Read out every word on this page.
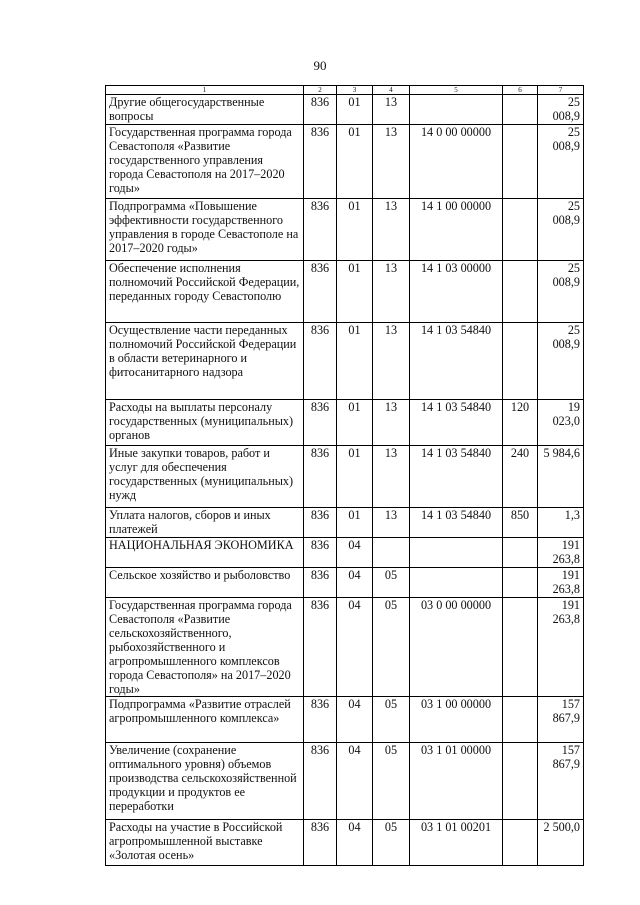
90
1	2	3	4	5	6	7
Другие общегосударственные вопросы	836	01	13			25 008,9
Государственная программа города Севастополя «Развитие государственного управления города Севастополя на 2017–2020 годы»	836	01	13	14 0 00 00000		25 008,9
Подпрограмма «Повышение эффективности государственного управления в городе Севастополе на 2017–2020 годы»	836	01	13	14 1 00 00000		25 008,9
Обеспечение исполнения полномочий Российской Федерации, переданных городу Севастополю	836	01	13	14 1 03 00000		25 008,9
Осуществление части переданных полномочий Российской Федерации в области ветеринарного и фитосанитарного надзора	836	01	13	14 1 03 54840		25 008,9
Расходы на выплаты персоналу государственных (муниципальных) органов	836	01	13	14 1 03 54840	120	19 023,0
Иные закупки товаров, работ и услуг для обеспечения государственных (муниципальных) нужд	836	01	13	14 1 03 54840	240	5 984,6
Уплата налогов, сборов и иных платежей	836	01	13	14 1 03 54840	850	1,3
НАЦИОНАЛЬНАЯ ЭКОНОМИКА	836	04				191 263,8
Сельское хозяйство и рыболовство	836	04	05			191 263,8
Государственная программа города Севастополя «Развитие сельскохозяйственного, рыбохозяйственного и агропромышленного комплексов города Севастополя» на 2017–2020 годы»	836	04	05	03 0 00 00000		191 263,8
Подпрограмма «Развитие отраслей агропромышленного комплекса»	836	04	05	03 1 00 00000		157 867,9
Увеличение (сохранение оптимального уровня) объемов производства сельскохозяйственной продукции и продуктов ее переработки	836	04	05	03 1 01 00000		157 867,9
Расходы на участие в Российской агропромышленной выставке «Золотая осень»	836	04	05	03 1 01 00201		2 500,0
